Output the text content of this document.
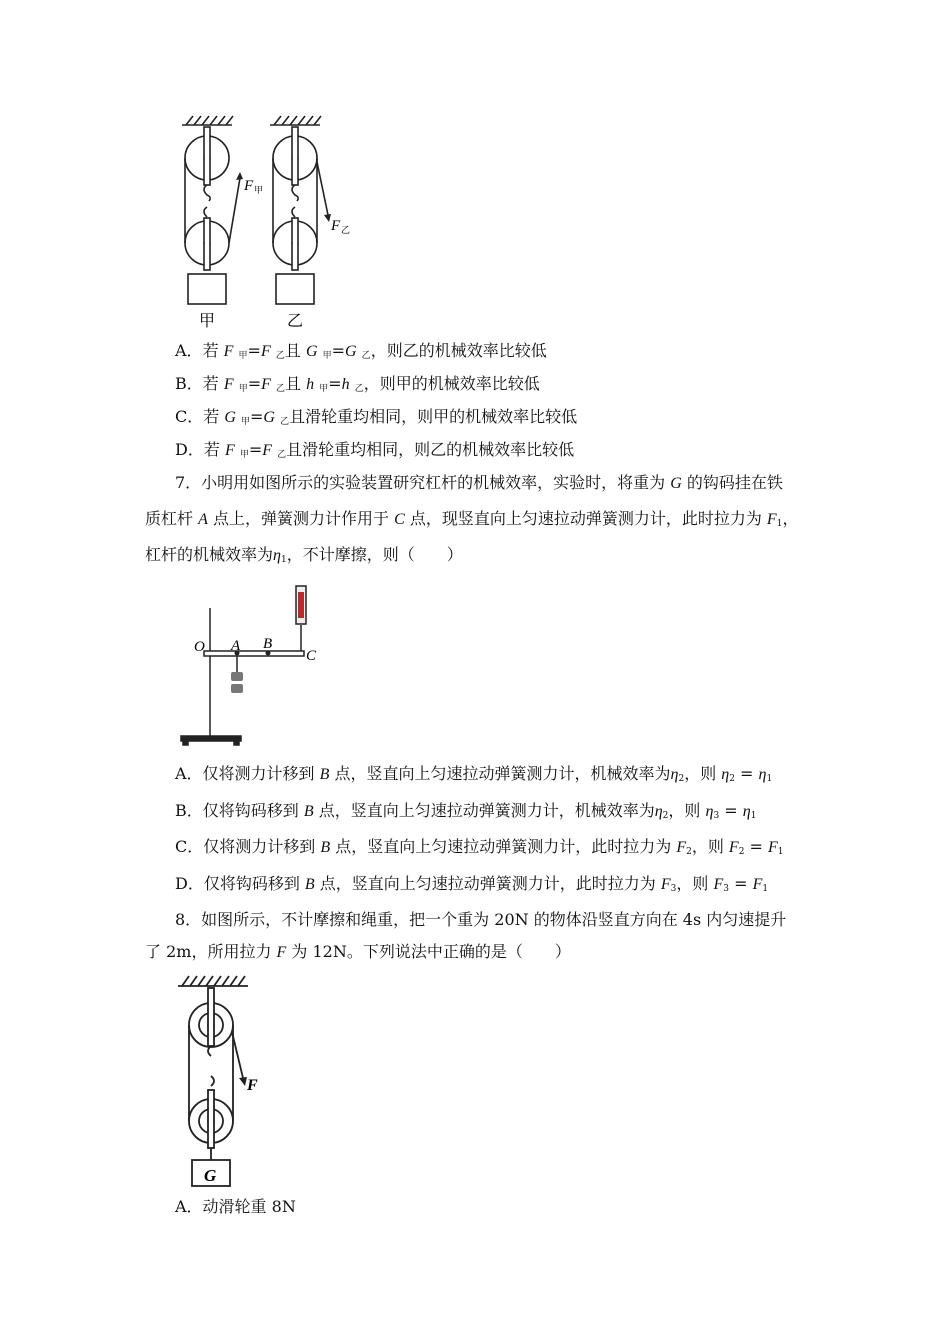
F 甲
F 乙
甲	乙
A．若 F $_甲$=F $_乙$且 G $_甲$=G $_乙$，则乙的机械效率比较低
B．若 F $_甲$=F $_乙$且 h $_甲$=h $_乙$，则甲的机械效率比较低
C．若 G $_甲$=G $_乙$且滑轮重均相同，则甲的机械效率比较低
D．若 F $_甲$=F $_乙$且滑轮重均相同，则乙的机械效率比较低
7．小明用如图所示的实验装置研究杠杆的机械效率，实验时，将重为 G 的钩码挂在铁
质杠杆 A 点上，弹簧测力计作用于 C 点，现竖直向上匀速拉动弹簧测力计，此时拉力为 $F_1$，
杠杆的机械效率为$\eta_1$，不计摩擦，则（　　）
O A B
C
A．仅将测力计移到 B 点，竖直向上匀速拉动弹簧测力计，机械效率为$\eta_2$，则 $\eta_2 = \eta_1$
B．仅将钩码移到 B 点，竖直向上匀速拉动弹簧测力计，机械效率为$\eta_2$，则 $\eta_3 = \eta_1$
C．仅将测力计移到 B 点，竖直向上匀速拉动弹簧测力计，此时拉力为 $F_2$，则 $F_2 = F_1$
D．仅将钩码移到 B 点，竖直向上匀速拉动弹簧测力计，此时拉力为 $F_3$，则 $F_3 = F_1$
8．如图所示，不计摩擦和绳重，把一个重为 20N 的物体沿竖直方向在 4s 内匀速提升
了 2m，所用拉力 F 为 12N。下列说法中正确的是（　　）
F
G
A．动滑轮重 8N
